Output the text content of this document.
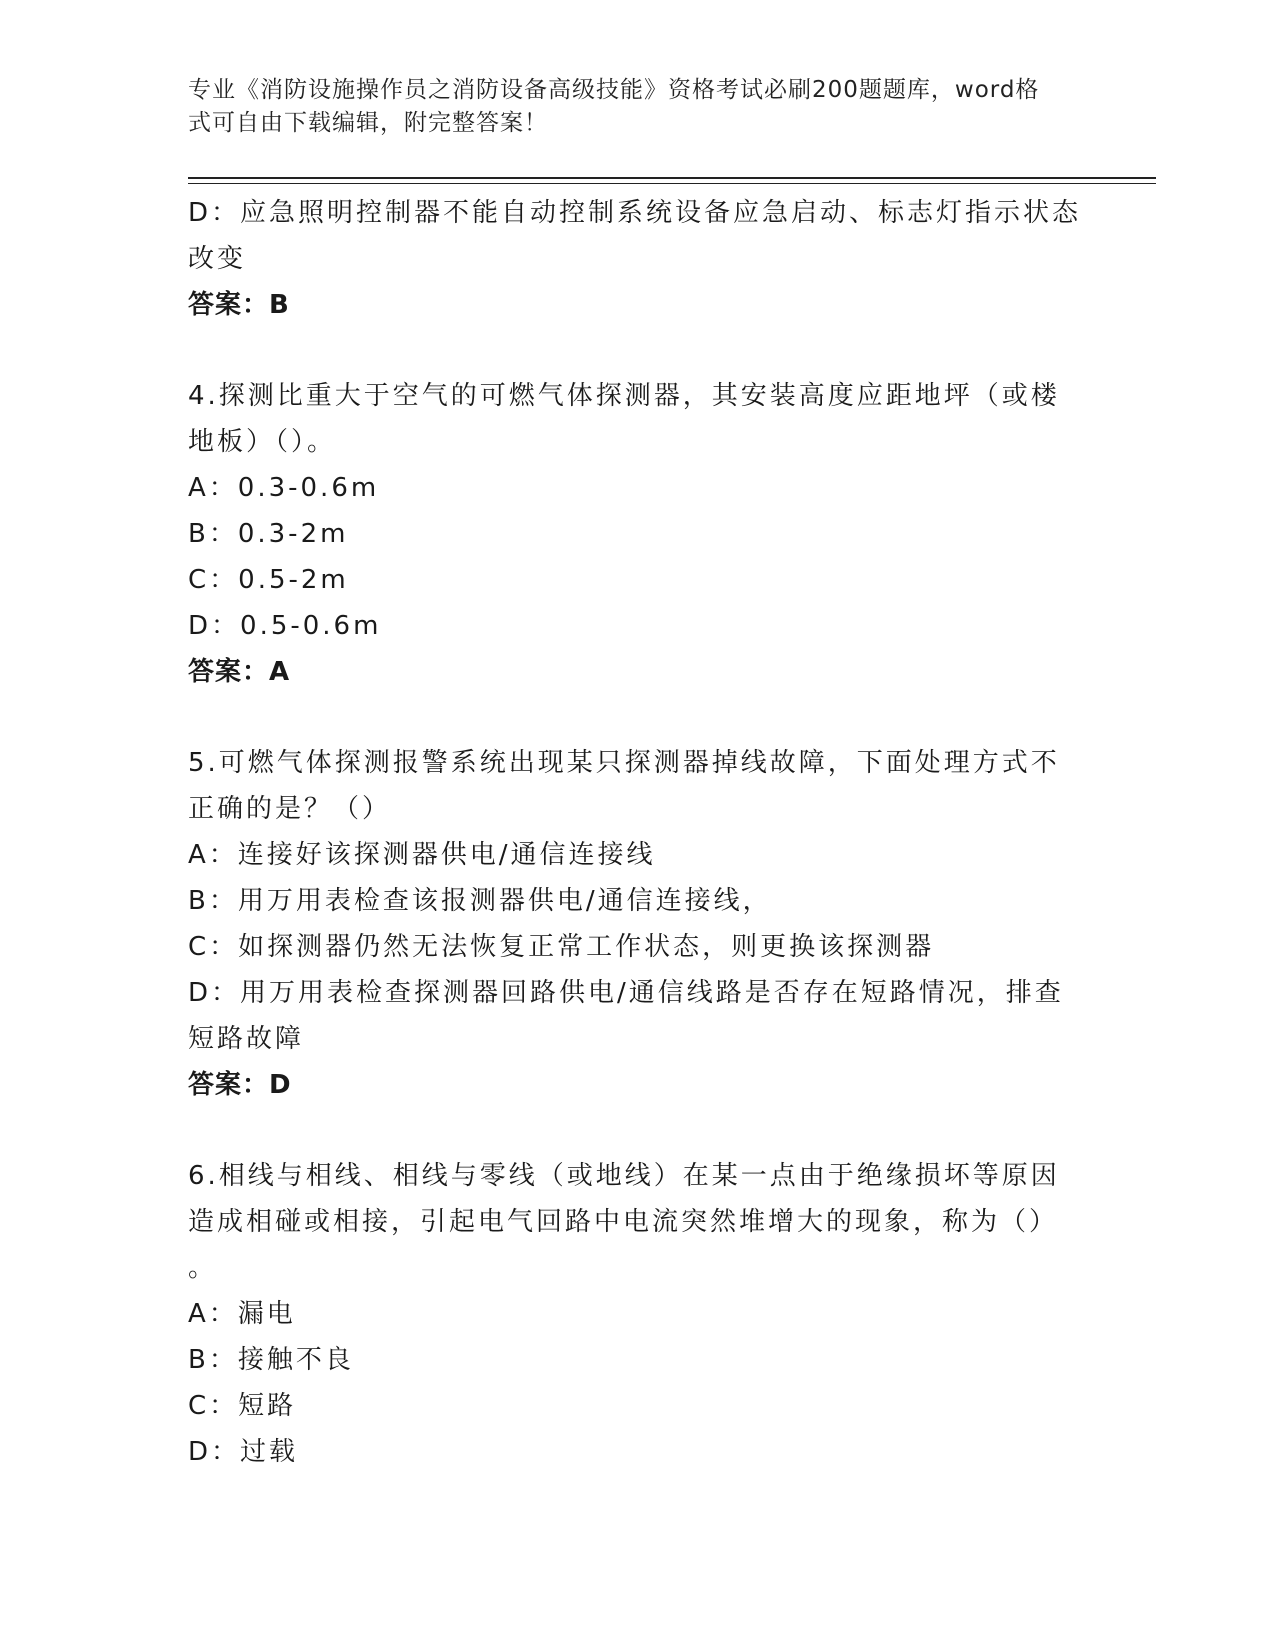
专业《消防设施操作员之消防设备高级技能》资格考试必刷200题题库，word格
式可自由下载编辑，附完整答案！
D：应急照明控制器不能自动控制系统设备应急启动、标志灯指示状态
改变
答案：B
4.探测比重大于空气的可燃气体探测器，其安装高度应距地坪（或楼
地板）（）。
A：0.3-0.6m
B：0.3-2m
C：0.5-2m
D：0.5-0.6m
答案：A
5.可燃气体探测报警系统出现某只探测器掉线故障，下面处理方式不
正确的是？（）
A：连接好该探测器供电/通信连接线
B：用万用表检查该报测器供电/通信连接线，
C：如探测器仍然无法恢复正常工作状态，则更换该探测器
D：用万用表检查探测器回路供电/通信线路是否存在短路情况，排查
短路故障
答案：D
6.相线与相线、相线与零线（或地线）在某一点由于绝缘损坏等原因
造成相碰或相接，引起电气回路中电流突然堆增大的现象，称为（）
。
A：漏电
B：接触不良
C：短路
D：过载
